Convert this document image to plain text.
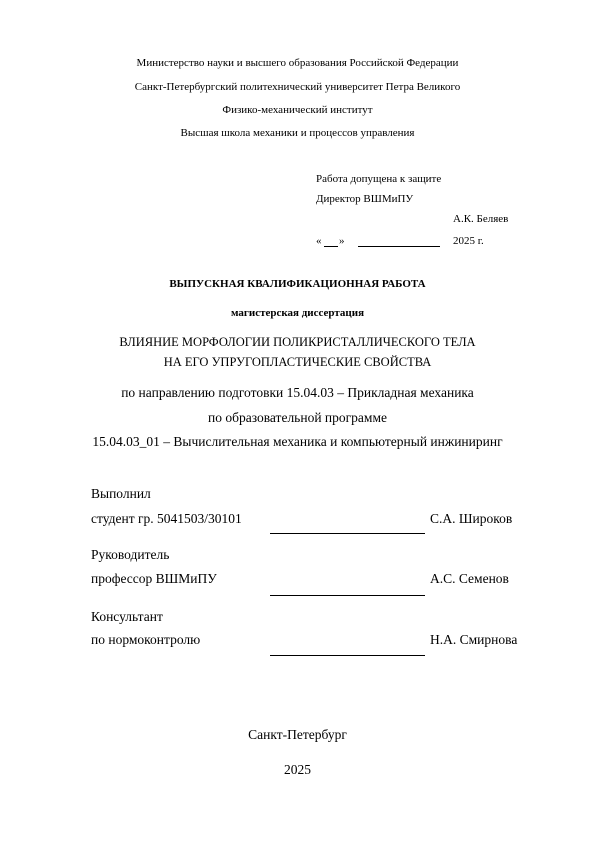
Министерство науки и высшего образования Российской Федерации
Санкт-Петербургский политехнический университет Петра Великого
Физико-механический институт
Высшая школа механики и процессов управления
Работа допущена к защите
Директор ВШМиПУ
А.К. Беляев
« »	2025 г.
ВЫПУСКНАЯ КВАЛИФИКАЦИОННАЯ РАБОТА
магистерская диссертация
ВЛИЯНИЕ МОРФОЛОГИИ ПОЛИКРИСТАЛЛИЧЕСКОГО ТЕЛА
НА ЕГО УПРУГОПЛАСТИЧЕСКИЕ СВОЙСТВА
по направлению подготовки 15.04.03 – Прикладная механика
по образовательной программе
15.04.03_01 – Вычислительная механика и компьютерный инжиниринг
Выполнил
студент гр. 5041503/30101	С.А. Широков
Руководитель
профессор ВШМиПУ	А.С. Семенов
Консультант
по нормоконтролю	Н.А. Смирнова
Санкт-Петербург
2025
